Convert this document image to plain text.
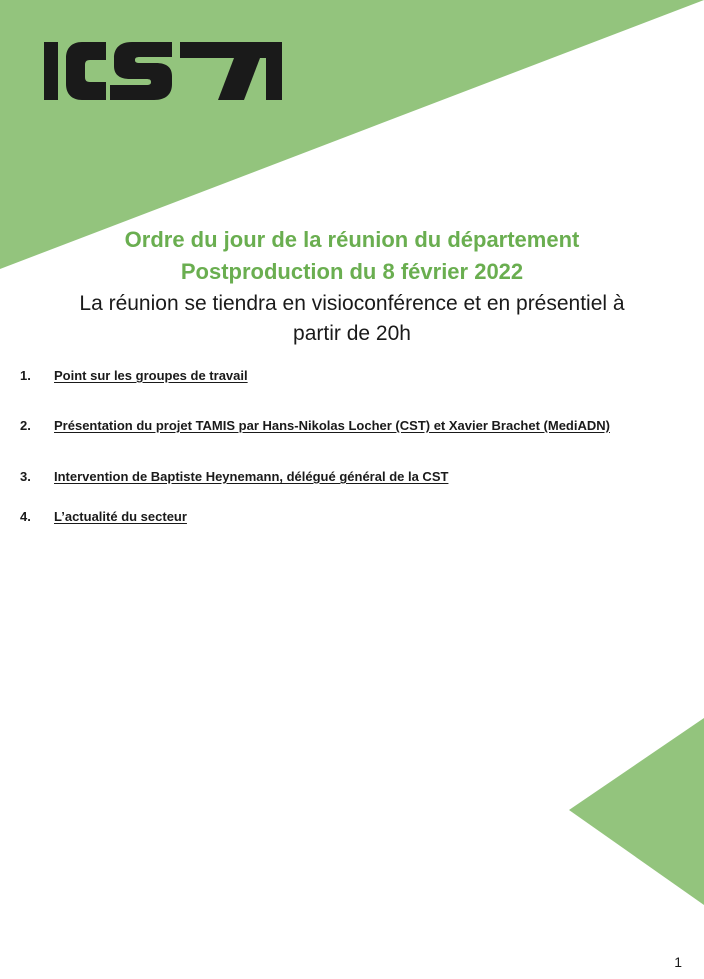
Ordre du jour de la réunion du département
Postproduction du 8 février 2022
La réunion se tiendra en visioconférence et en présentiel à
partir de 20h
1. Point sur les groupes de travail
2. Présentation du projet TAMIS par Hans-Nikolas Locher (CST) et Xavier Brachet (MediADN)
3. Intervention de Baptiste Heynemann, délégué général de la CST
4. L’actualité du secteur
1
